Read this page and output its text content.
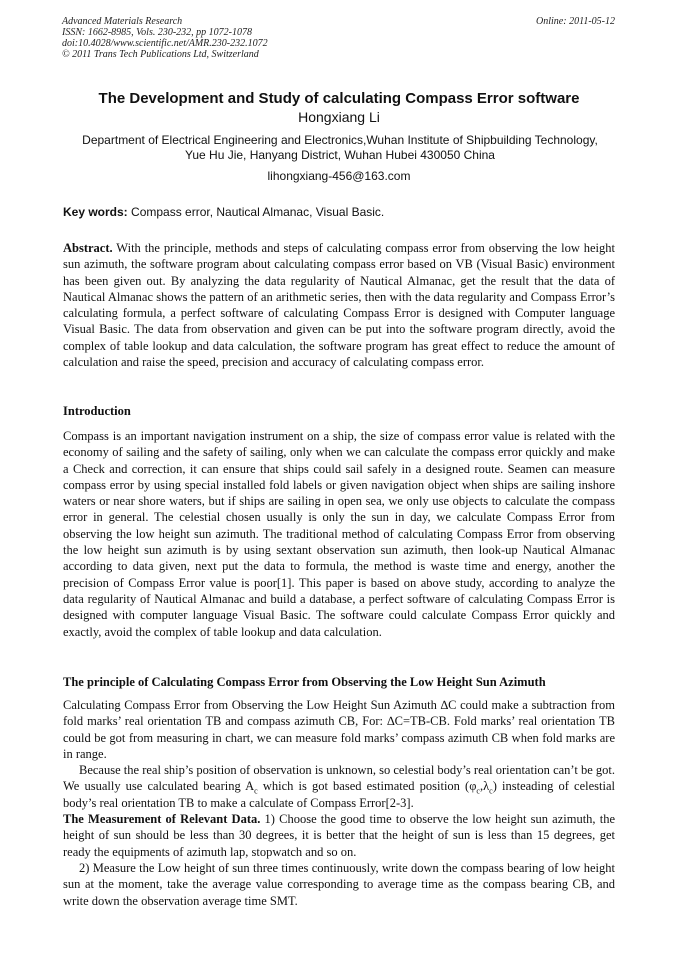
Advanced Materials Research
ISSN: 1662-8985, Vols. 230-232, pp 1072-1078
doi:10.4028/www.scientific.net/AMR.230-232.1072
© 2011 Trans Tech Publications Ltd, Switzerland
Online: 2011-05-12
The Development and Study of calculating Compass Error software
Hongxiang Li
Department of Electrical Engineering and Electronics,Wuhan Institute of Shipbuilding Technology,
Yue Hu Jie, Hanyang District, Wuhan Hubei 430050 China
lihongxiang-456@163.com
Key words: Compass error, Nautical Almanac, Visual Basic.

Abstract. With the principle, methods and steps of calculating compass error from observing the low height sun azimuth, the software program about calculating compass error based on VB (Visual Basic) environment has been given out. By analyzing the data regularity of Nautical Almanac, get the result that the data of Nautical Almanac shows the pattern of an arithmetic series, then with the data regularity and Compass Error’s calculating formula, a perfect software of calculating Compass Error is designed with Computer language Visual Basic. The data from observation and given can be put into the software program directly, avoid the complex of table lookup and data calculation, the software program has great effect to reduce the amount of calculation and raise the speed, precision and accuracy of calculating compass error.

Introduction

Compass is an important navigation instrument on a ship, the size of compass error value is related with the economy of sailing and the safety of sailing, only when we can calculate the compass error quickly and make a Check and correction, it can ensure that ships could sail safely in a designed route. Seamen can measure compass error by using special installed fold labels or given navigation object when ships are sailing inshore waters or near shore waters, but if ships are sailing in open sea, we only use objects to calculate the compass error in general. The celestial chosen usually is only the sun in day, we calculate Compass Error from observing the low height sun azimuth. The traditional method of calculating Compass Error from observing the low height sun azimuth is by using sextant observation sun azimuth, then look-up Nautical Almanac according to data given, next put the data to formula, the method is waste time and energy, another the precision of Compass Error value is poor[1]. This paper is based on above study, according to analyze the data regularity of Nautical Almanac and build a database, a perfect software of calculating Compass Error is designed with computer language Visual Basic. The software could calculate Compass Error quickly and exactly, avoid the complex of table lookup and data calculation.

The principle of Calculating Compass Error from Observing the Low Height Sun Azimuth

Calculating Compass Error from Observing the Low Height Sun Azimuth ∆C could make a subtraction from fold marks’ real orientation TB and compass azimuth CB, For: ∆C=TB-CB. Fold marks’ real orientation TB could be got from measuring in chart, we can measure fold marks’ compass azimuth CB when fold marks are in range.

Because the real ship’s position of observation is unknown, so celestial body’s real orientation can’t be got. We usually use calculated bearing $A_c$ which is got based estimated position $(\varphi_c,\lambda_c)$ insteading of celestial body’s real orientation TB to make a calculate of Compass Error[2-3].

The Measurement of Relevant Data. 1) Choose the good time to observe the low height sun azimuth, the height of sun should be less than 30 degrees, it is better that the height of sun is less than 15 degrees, get ready the equipments of azimuth lap, stopwatch and so on.

2) Measure the Low height of sun three times continuously, write down the compass bearing of low height sun at the moment, take the average value corresponding to average time as the compass bearing CB, and write down the observation average time SMT.
